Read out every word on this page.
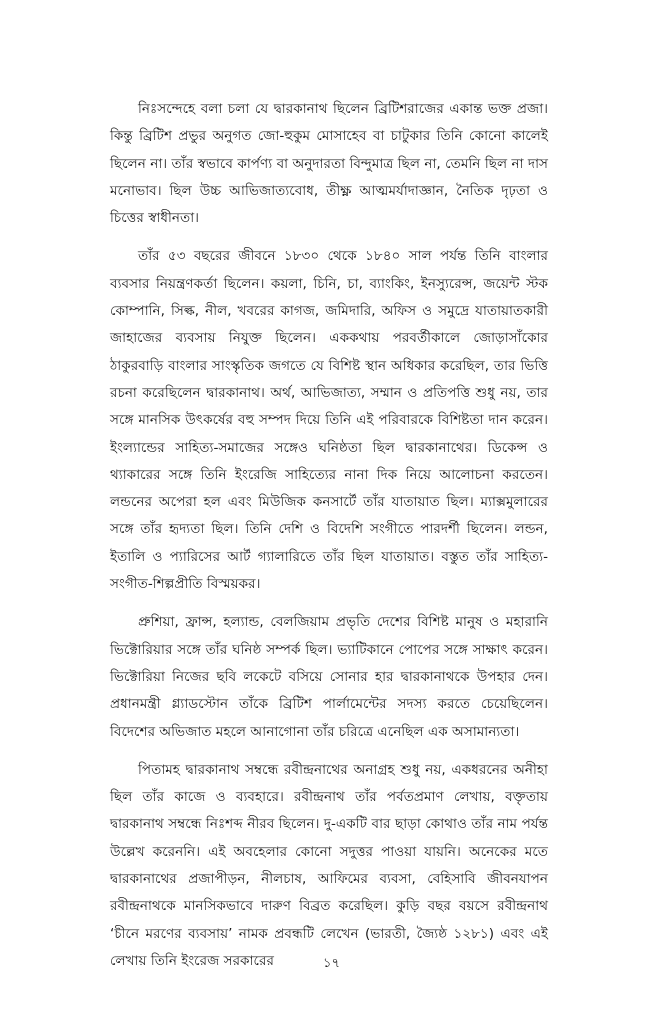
নিঃসন্দেহে বলা চলা যে দ্বারকানাথ ছিলেন ব্রিটিশরাজের একান্ত ভক্ত প্রজা। কিন্তু ব্রিটিশ প্রভুর অনুগত জো-হুকুম মোসাহেব বা চাটুকার তিনি কোনো কালেই ছিলেন না। তাঁর স্বভাবে কার্পণ্য বা অনুদারতা বিন্দুমাত্র ছিল না, তেমনি ছিল না দাস মনোভাব। ছিল উচ্চ আভিজাত্যবোধ, তীক্ষ্ণ আত্মমর্যাদাজ্ঞান, নৈতিক দৃঢ়তা ও চিত্তের স্বাধীনতা।

তাঁর ৫৩ বছরের জীবনে ১৮৩০ থেকে ১৮৪০ সাল পর্যন্ত তিনি বাংলার ব্যবসার নিয়ন্ত্রণকর্তা ছিলেন। কয়লা, চিনি, চা, ব্যাংকিং, ইনস্যুরেন্স, জয়েন্ট স্টক কোম্পানি, সিল্ক, নীল, খবরের কাগজ, জমিদারি, অফিস ও সমুদ্রে যাতায়াতকারী জাহাজের ব্যবসায় নিযুক্ত ছিলেন। এককথায় পরবর্তীকালে জোড়াসাঁকোর ঠাকুরবাড়ি বাংলার সাংস্কৃতিক জগতে যে বিশিষ্ট স্থান অধিকার করেছিল, তার ভিত্তি রচনা করেছিলেন দ্বারকানাথ। অর্থ, আভিজাত্য, সম্মান ও প্রতিপত্তি শুধু নয়, তার সঙ্গে মানসিক উৎকর্ষের বহু সম্পদ দিয়ে তিনি এই পরিবারকে বিশিষ্টতা দান করেন। ইংল্যান্ডের সাহিত্য-সমাজের সঙ্গেও ঘনিষ্ঠতা ছিল দ্বারকানাথের। ডিকেন্স ও থ্যাকারের সঙ্গে তিনি ইংরেজি সাহিত্যের নানা দিক নিয়ে আলোচনা করতেন। লন্ডনের অপেরা হল এবং মিউজিক কনসার্টে তাঁর যাতায়াত ছিল। ম্যাক্সমুলারের সঙ্গে তাঁর হৃদ্যতা ছিল। তিনি দেশি ও বিদেশি সংগীতে পারদর্শী ছিলেন। লন্ডন, ইতালি ও প্যারিসের আর্ট গ্যালারিতে তাঁর ছিল যাতায়াত। বস্তুত তাঁর সাহিত্য-সংগীত-শিল্পপ্রীতি বিস্ময়কর।

প্রুশিয়া, ফ্রান্স, হল্যান্ড, বেলজিয়াম প্রভৃতি দেশের বিশিষ্ট মানুষ ও মহারানি ভিক্টোরিয়ার সঙ্গে তাঁর ঘনিষ্ঠ সম্পর্ক ছিল। ভ্যাটিকানে পোপের সঙ্গে সাক্ষাৎ করেন। ভিক্টোরিয়া নিজের ছবি লকেটে বসিয়ে সোনার হার দ্বারকানাথকে উপহার দেন। প্রধানমন্ত্রী গ্ল্যাডস্টোন তাঁকে ব্রিটিশ পার্লামেন্টের সদস্য করতে চেয়েছিলেন। বিদেশের অভিজাত মহলে আনাগোনা তাঁর চরিত্রে এনেছিল এক অসামান্যতা।

পিতামহ দ্বারকানাথ সম্বন্ধে রবীন্দ্রনাথের অনাগ্রহ শুধু নয়, একধরনের অনীহা ছিল তাঁর কাজে ও ব্যবহারে। রবীন্দ্রনাথ তাঁর পর্বতপ্রমাণ লেখায়, বক্তৃতায় দ্বারকানাথ সম্বন্ধে নিঃশব্দ নীরব ছিলেন। দু-একটি বার ছাড়া কোথাও তাঁর নাম পর্যন্ত উল্লেখ করেননি। এই অবহেলার কোনো সদুত্তর পাওয়া যায়নি। অনেকের মতে দ্বারকানাথের প্রজাপীড়ন, নীলচাষ, আফিমের ব্যবসা, বেহিসাবি জীবনযাপন রবীন্দ্রনাথকে মানসিকভাবে দারুণ বিব্রত করেছিল। কুড়ি বছর বয়সে রবীন্দ্রনাথ ‘চীনে মরণের ব্যবসায়’ নামক প্রবন্ধটি লেখেন (ভারতী, জ্যৈষ্ঠ ১২৮১) এবং এই লেখায় তিনি ইংরেজ সরকারের	১৭
